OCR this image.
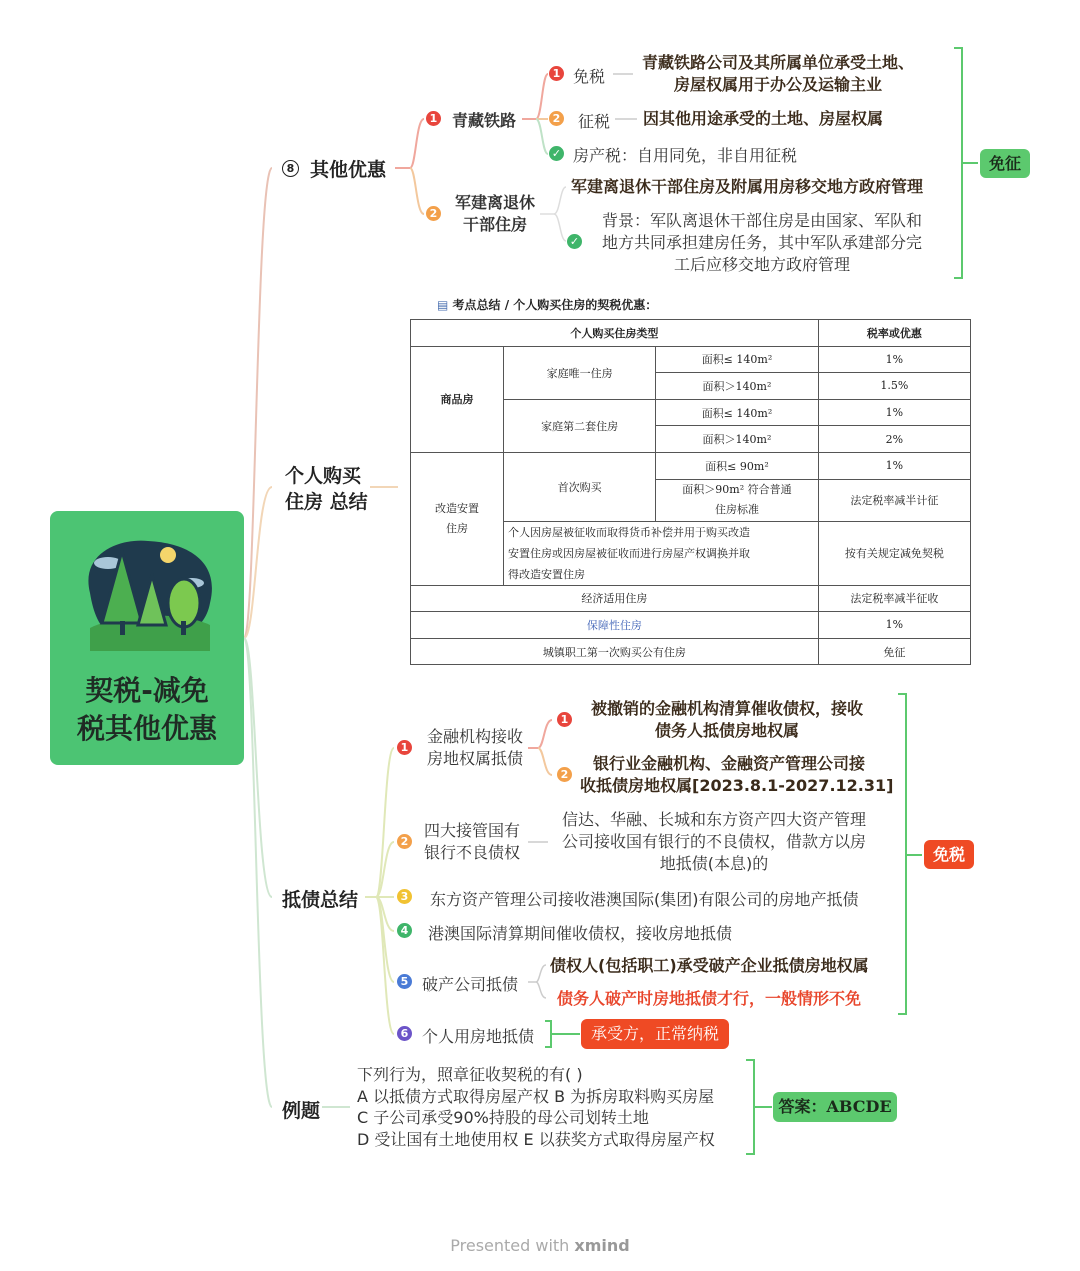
契税-减免
税其他优惠
8 其他优惠
1 青藏铁路
1 免税
青藏铁路公司及其所属单位承受土地、
房屋权属用于办公及运输主业
2 征税 因其他用途承受的土地、房屋权属
✓ 房产税：自用同免，非自用征税
2
军建离退休
干部住房
军建离退休干部住房及附属用房移交地方政府管理
✓
背景：军队离退休干部住房是由国家、军队和
地方共同承担建房任务，其中军队承建部分完
工后应移交地方政府管理
免征
个人购买
住房 总结
▤ 考点总结 / 个人购买住房的契税优惠：
个人购买住房类型			税率或优惠
商品房	家庭唯一住房	面积≤ 140m²	1%
		面积＞140m²	1.5%
	家庭第二套住房	面积≤ 140m²	1%
		面积＞140m²	2%

改造安置
住房	首次购买	面积≤ 90m²	1%

		面积＞90m² 符合普通
住房标准	法定税率减半计征

	个人因房屋被征收而取得货币补偿并用于购买改造
安置住房或因房屋被征收而进行房屋产权调换并取
得改造安置住房		按有关规定减免契税
经济适用住房			法定税率减半征收
保障性住房			1%
城镇职工第一次购买公有住房			免征
抵债总结
1
金融机构接收
房地权属抵债
1
被撤销的金融机构清算催收债权，接收
债务人抵债房地权属
2
银行业金融机构、金融资产管理公司接
收抵债房地权属[2023.8.1-2027.12.31]
2
四大接管国有
银行不良债权
信达、华融、长城和东方资产四大资产管理
公司接收国有银行的不良债权，借款方以房
地抵债(本息)的
3 东方资产管理公司接收港澳国际(集团)有限公司的房地产抵债
4 港澳国际清算期间催收债权，接收房地抵债
5 破产公司抵债
债权人(包括职工)承受破产企业抵债房地权属
债务人破产时房地抵债才行，一般情形不免
6 个人用房地抵债	承受方，正常纳税
免税
例题
下列行为，照章征收契税的有( )
A 以抵债方式取得房屋产权 B 为拆房取料购买房屋
C 子公司承受90%持股的母公司划转土地
D 受让国有土地使用权 E 以获奖方式取得房屋产权
答案：ABCDE
Presented with xmind
